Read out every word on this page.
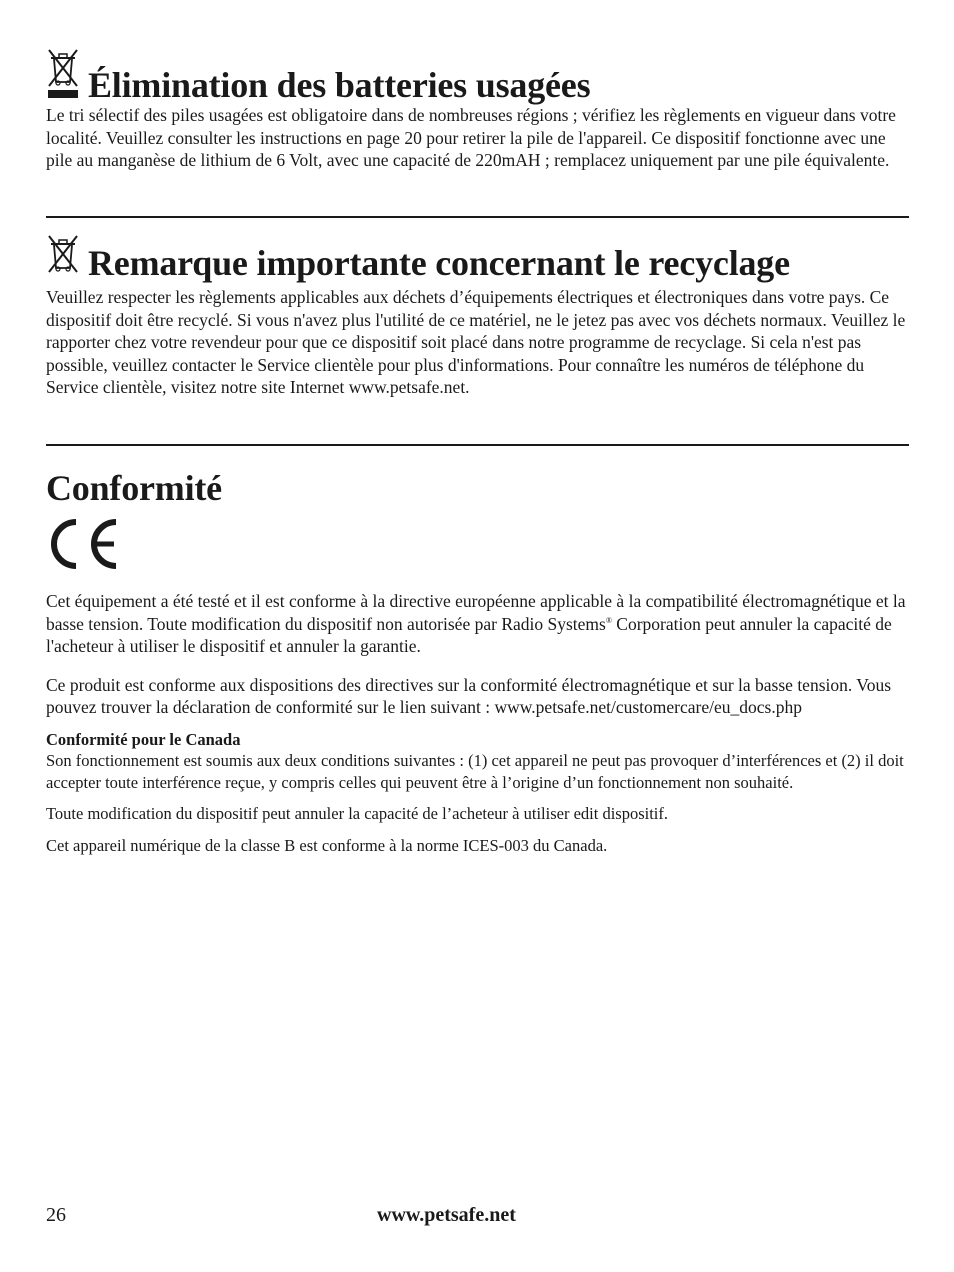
Élimination des batteries usagées

Le tri sélectif des piles usagées est obligatoire dans de nombreuses régions ; vérifiez les règlements en vigueur dans votre localité. Veuillez consulter les instructions en page 20 pour retirer la pile de l'appareil. Ce dispositif fonctionne avec une pile au manganèse de lithium de 6 Volt, avec une capacité de 220mAH ; remplacez uniquement par une pile équivalente.

Remarque importante concernant le recyclage

Veuillez respecter les règlements applicables aux déchets d’équipements électriques et électroniques dans votre pays. Ce dispositif doit être recyclé. Si vous n'avez plus l'utilité de ce matériel, ne le jetez pas avec vos déchets normaux. Veuillez le rapporter chez votre revendeur pour que ce dispositif soit placé dans notre programme de recyclage. Si cela n'est pas possible, veuillez contacter le Service clientèle pour plus d'informations. Pour connaître les numéros de téléphone du Service clientèle, visitez notre site Internet www.petsafe.net.

Conformité

Cet équipement a été testé et il est conforme à la directive européenne applicable à la compatibilité électromagnétique et la basse tension. Toute modification du dispositif non autorisée par Radio Systems® Corporation peut annuler la capacité de l'acheteur à utiliser le dispositif et annuler la garantie.

Ce produit est conforme aux dispositions des directives sur la conformité électromagnétique et sur la basse tension. Vous pouvez trouver la déclaration de conformité sur le lien suivant : www.petsafe.net/customercare/eu_docs.php

Conformité pour le Canada

Son fonctionnement est soumis aux deux conditions suivantes : (1) cet appareil ne peut pas provoquer d’interférences et (2) il doit accepter toute interférence reçue, y compris celles qui peuvent être à l’origine d’un fonctionnement non souhaité.

Toute modification du dispositif peut annuler la capacité de l’acheteur à utiliser edit dispositif.

Cet appareil numérique de la classe B est conforme à la norme ICES-003 du Canada.

26	www.petsafe.net
